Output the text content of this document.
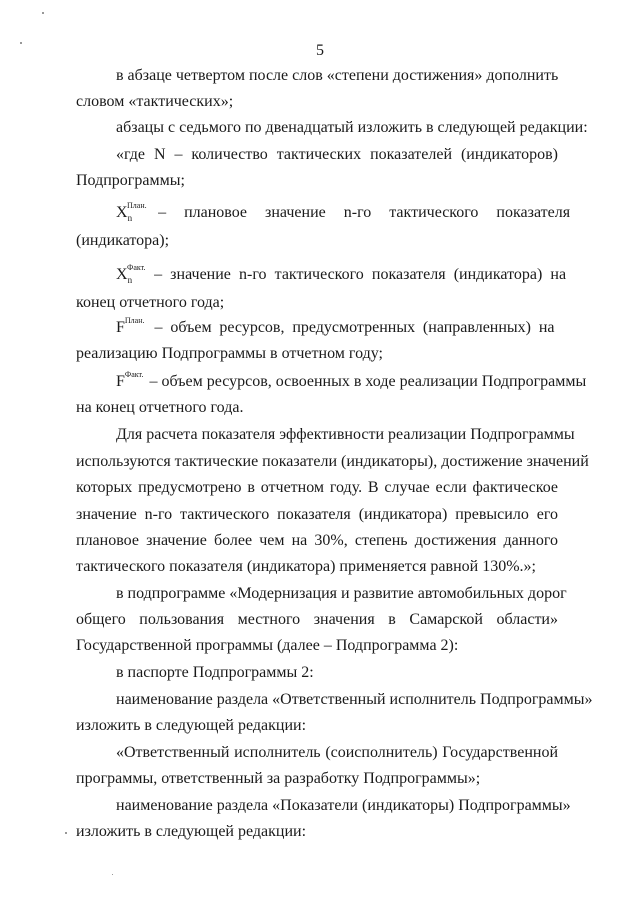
5
в абзаце четвертом после слов «степени достижения» дополнить
словом «тактических»;
абзацы с седьмого по двенадцатый изложить в следующей редакции:
«где N – количество тактических показателей (индикаторов)
Подпрограммы;
$X_n$
План. – плановое значение n-го тактического показателя
(индикатора);
$X_n$
Факт. – значение n-го тактического показателя (индикатора) на
конец отчетного года;
$F^{План.}$ – объем ресурсов, предусмотренных (направленных) на
реализацию Подпрограммы в отчетном году;
$F^{Факт.}$ – объем ресурсов, освоенных в ходе реализации Подпрограммы
на конец отчетного года.
Для расчета показателя эффективности реализации Подпрограммы
используются тактические показатели (индикаторы), достижение значений
которых предусмотрено в отчетном году. В случае если фактическое
значение n-го тактического показателя (индикатора) превысило его
плановое значение более чем на 30%, степень достижения данного
тактического показателя (индикатора) применяется равной 130%.»;
в подпрограмме «Модернизация и развитие автомобильных дорог
общего пользования местного значения в Самарской области»
Государственной программы (далее – Подпрограмма 2):
в паспорте Подпрограммы 2:
наименование раздела «Ответственный исполнитель Подпрограммы»
изложить в следующей редакции:
«Ответственный исполнитель (соисполнитель) Государственной
программы, ответственный за разработку Подпрограммы»;
наименование раздела «Показатели (индикаторы) Подпрограммы»
изложить в следующей редакции:
